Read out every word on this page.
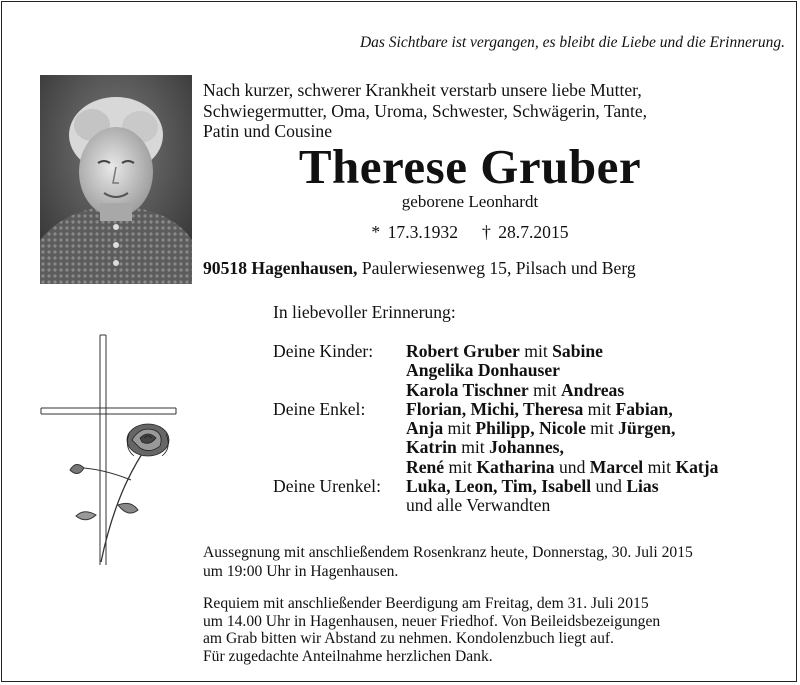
Das Sichtbare ist vergangen, es bleibt die Liebe und die Erinnerung.
Nach kurzer, schwerer Krankheit verstarb unsere liebe Mutter,
Schwiegermutter, Oma, Uroma, Schwester, Schwägerin, Tante,
Patin und Cousine
Therese Gruber
geborene Leonhardt
* 17.3.1932 † 28.7.2015
90518 Hagenhausen, Paulerwiesenweg 15, Pilsach und Berg
In liebevoller Erinnerung:
Deine Kinder:	Robert Gruber mit Sabine
Angelika Donhauser
Karola Tischner mit Andreas
Deine Enkel:	Florian, Michi, Theresa mit Fabian,
Anja mit Philipp, Nicole mit Jürgen,
Katrin mit Johannes,
René mit Katharina und Marcel mit Katja
Deine Urenkel:	Luka, Leon, Tim, Isabell und Lias
und alle Verwandten
Aussegnung mit anschließendem Rosenkranz heute, Donnerstag, 30. Juli 2015
um 19:00 Uhr in Hagenhausen.
Requiem mit anschließender Beerdigung am Freitag, dem 31. Juli 2015
um 14.00 Uhr in Hagenhausen, neuer Friedhof. Von Beileidsbezeigungen
am Grab bitten wir Abstand zu nehmen. Kondolenzbuch liegt auf.
Für zugedachte Anteilnahme herzlichen Dank.
